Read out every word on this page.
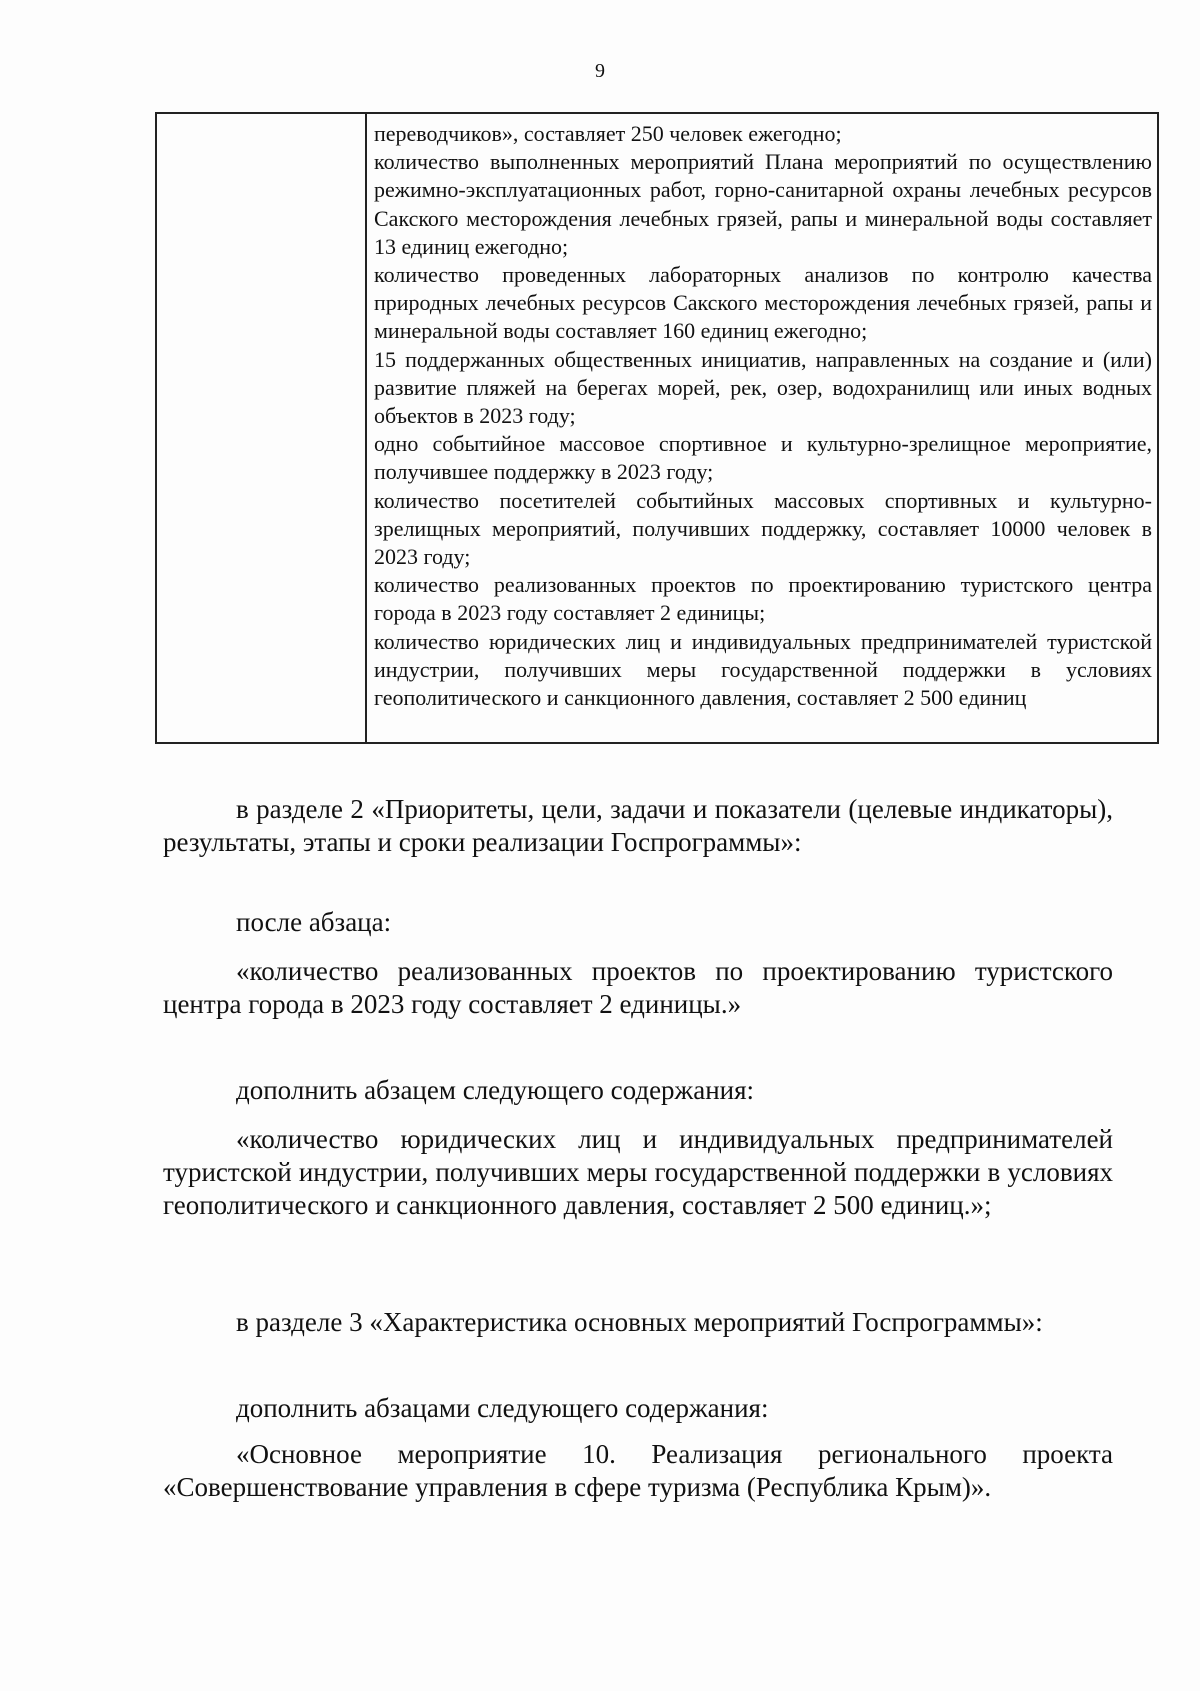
9

переводчиков», составляет 250 человек ежегодно;

количество выполненных мероприятий Плана мероприятий по осуществлению режимно-эксплуатационных работ, горно-санитарной охраны лечебных ресурсов Сакского месторождения лечебных грязей, рапы и минеральной воды составляет 13 единиц ежегодно;

количество проведенных лабораторных анализов по контролю качества природных лечебных ресурсов Сакского месторождения лечебных грязей, рапы и минеральной воды составляет 160 единиц ежегодно;

15 поддержанных общественных инициатив, направленных на создание и (или) развитие пляжей на берегах морей, рек, озер, водохранилищ или иных водных объектов в 2023 году;

одно событийное массовое спортивное и культурно-зрелищное мероприятие, получившее поддержку в 2023 году;

количество посетителей событийных массовых спортивных и культурно-зрелищных мероприятий, получивших поддержку, составляет 10000 человек в 2023 году;

количество реализованных проектов по проектированию туристского центра города в 2023 году составляет 2 единицы;

количество юридических лиц и индивидуальных предпринимателей туристской индустрии, получивших меры государственной поддержки в условиях геополитического и санкционного давления, составляет 2 500 единиц

в разделе 2 «Приоритеты, цели, задачи и показатели (целевые индикаторы), результаты, этапы и сроки реализации Госпрограммы»:

после абзаца:

«количество реализованных проектов по проектированию туристского центра города в 2023 году составляет 2 единицы.»

дополнить абзацем следующего содержания:

«количество юридических лиц и индивидуальных предпринимателей туристской индустрии, получивших меры государственной поддержки в условиях геополитического и санкционного давления, составляет 2 500 единиц.»;

в разделе 3 «Характеристика основных мероприятий Госпрограммы»:

дополнить абзацами следующего содержания:

«Основное мероприятие 10. Реализация регионального проекта «Совершенствование управления в сфере туризма (Республика Крым)».
